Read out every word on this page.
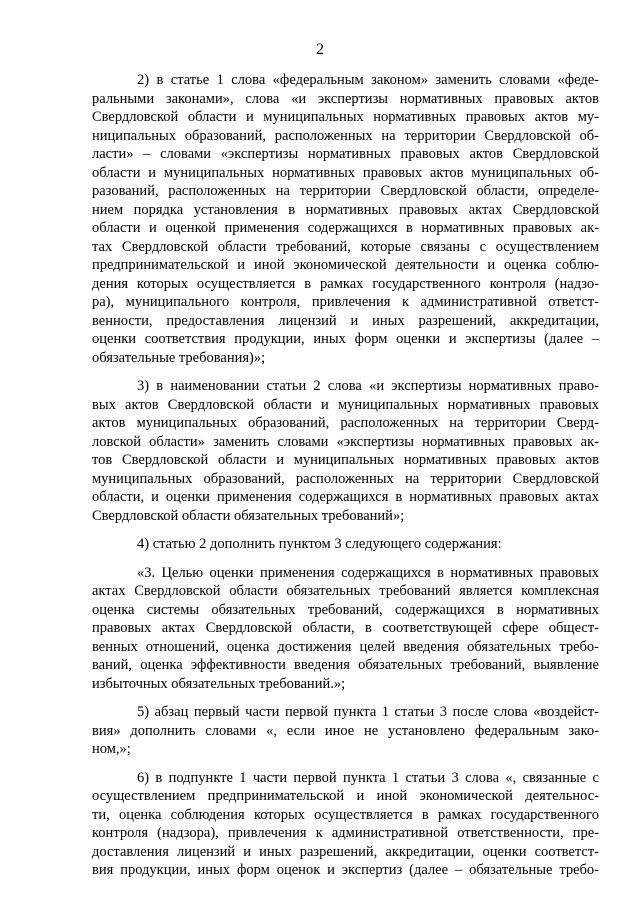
2
2) в статье 1 слова «федеральным законом» заменить словами «феде-
ральными законами», слова «и экспертизы нормативных правовых актов
Свердловской области и муниципальных нормативных правовых актов му-
ниципальных образований, расположенных на территории Свердловской об-
ласти» – словами «экспертизы нормативных правовых актов Свердловской
области и муниципальных нормативных правовых актов муниципальных об-
разований, расположенных на территории Свердловской области, определе-
нием порядка установления в нормативных правовых актах Свердловской
области и оценкой применения содержащихся в нормативных правовых ак-
тах Свердловской области требований, которые связаны с осуществлением
предпринимательской и иной экономической деятельности и оценка соблю-
дения которых осуществляется в рамках государственного контроля (надзо-
ра), муниципального контроля, привлечения к административной ответст-
венности, предоставления лицензий и иных разрешений, аккредитации,
оценки соответствия продукции, иных форм оценки и экспертизы (далее –
обязательные требования)»;
3) в наименовании статьи 2 слова «и экспертизы нормативных право-
вых актов Свердловской области и муниципальных нормативных правовых
актов муниципальных образований, расположенных на территории Сверд-
ловской области» заменить словами «экспертизы нормативных правовых ак-
тов Свердловской области и муниципальных нормативных правовых актов
муниципальных образований, расположенных на территории Свердловской
области, и оценки применения содержащихся в нормативных правовых актах
Свердловской области обязательных требований»;
4) статью 2 дополнить пунктом 3 следующего содержания:
«3. Целью оценки применения содержащихся в нормативных правовых
актах Свердловской области обязательных требований является комплексная
оценка системы обязательных требований, содержащихся в нормативных
правовых актах Свердловской области, в соответствующей сфере общест-
венных отношений, оценка достижения целей введения обязательных требо-
ваний, оценка эффективности введения обязательных требований, выявление
избыточных обязательных требований.»;
5) абзац первый части первой пункта 1 статьи 3 после слова «воздейст-
вия» дополнить словами «, если иное не установлено федеральным зако-
ном,»;
6) в подпункте 1 части первой пункта 1 статьи 3 слова «, связанные с
осуществлением предпринимательской и иной экономической деятельнос-
ти, оценка соблюдения которых осуществляется в рамках государственного
контроля (надзора), привлечения к административной ответственности, пре-
доставления лицензий и иных разрешений, аккредитации, оценки соответст-
вия продукции, иных форм оценок и экспертиз (далее – обязательные требо-
